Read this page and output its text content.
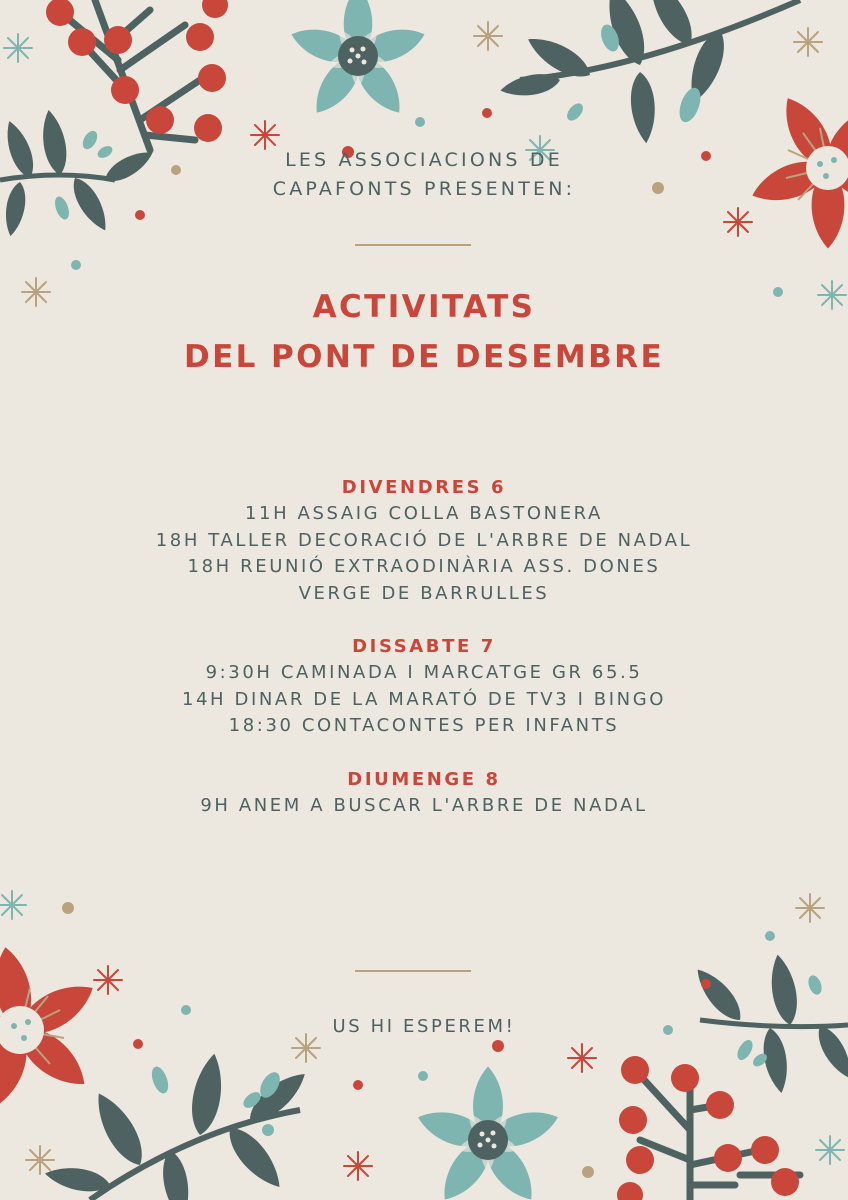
LES ASSOCIACIONS DE
CAPAFONTS PRESENTEN:
ACTIVITATS
DEL PONT DE DESEMBRE
DIVENDRES 6
11H ASSAIG COLLA BASTONERA
18H TALLER DECORACIÓ DE L'ARBRE DE NADAL
18H REUNIÓ EXTRAODINÀRIA ASS. DONES VERGE DE BARRULLES
DISSABTE 7
9:30H CAMINADA I MARCATGE GR 65.5
14H DINAR DE LA MARATÓ DE TV3 I BINGO
18:30 CONTACONTES PER INFANTS
DIUMENGE 8
9H ANEM A BUSCAR L'ARBRE DE NADAL
US HI ESPEREM!
